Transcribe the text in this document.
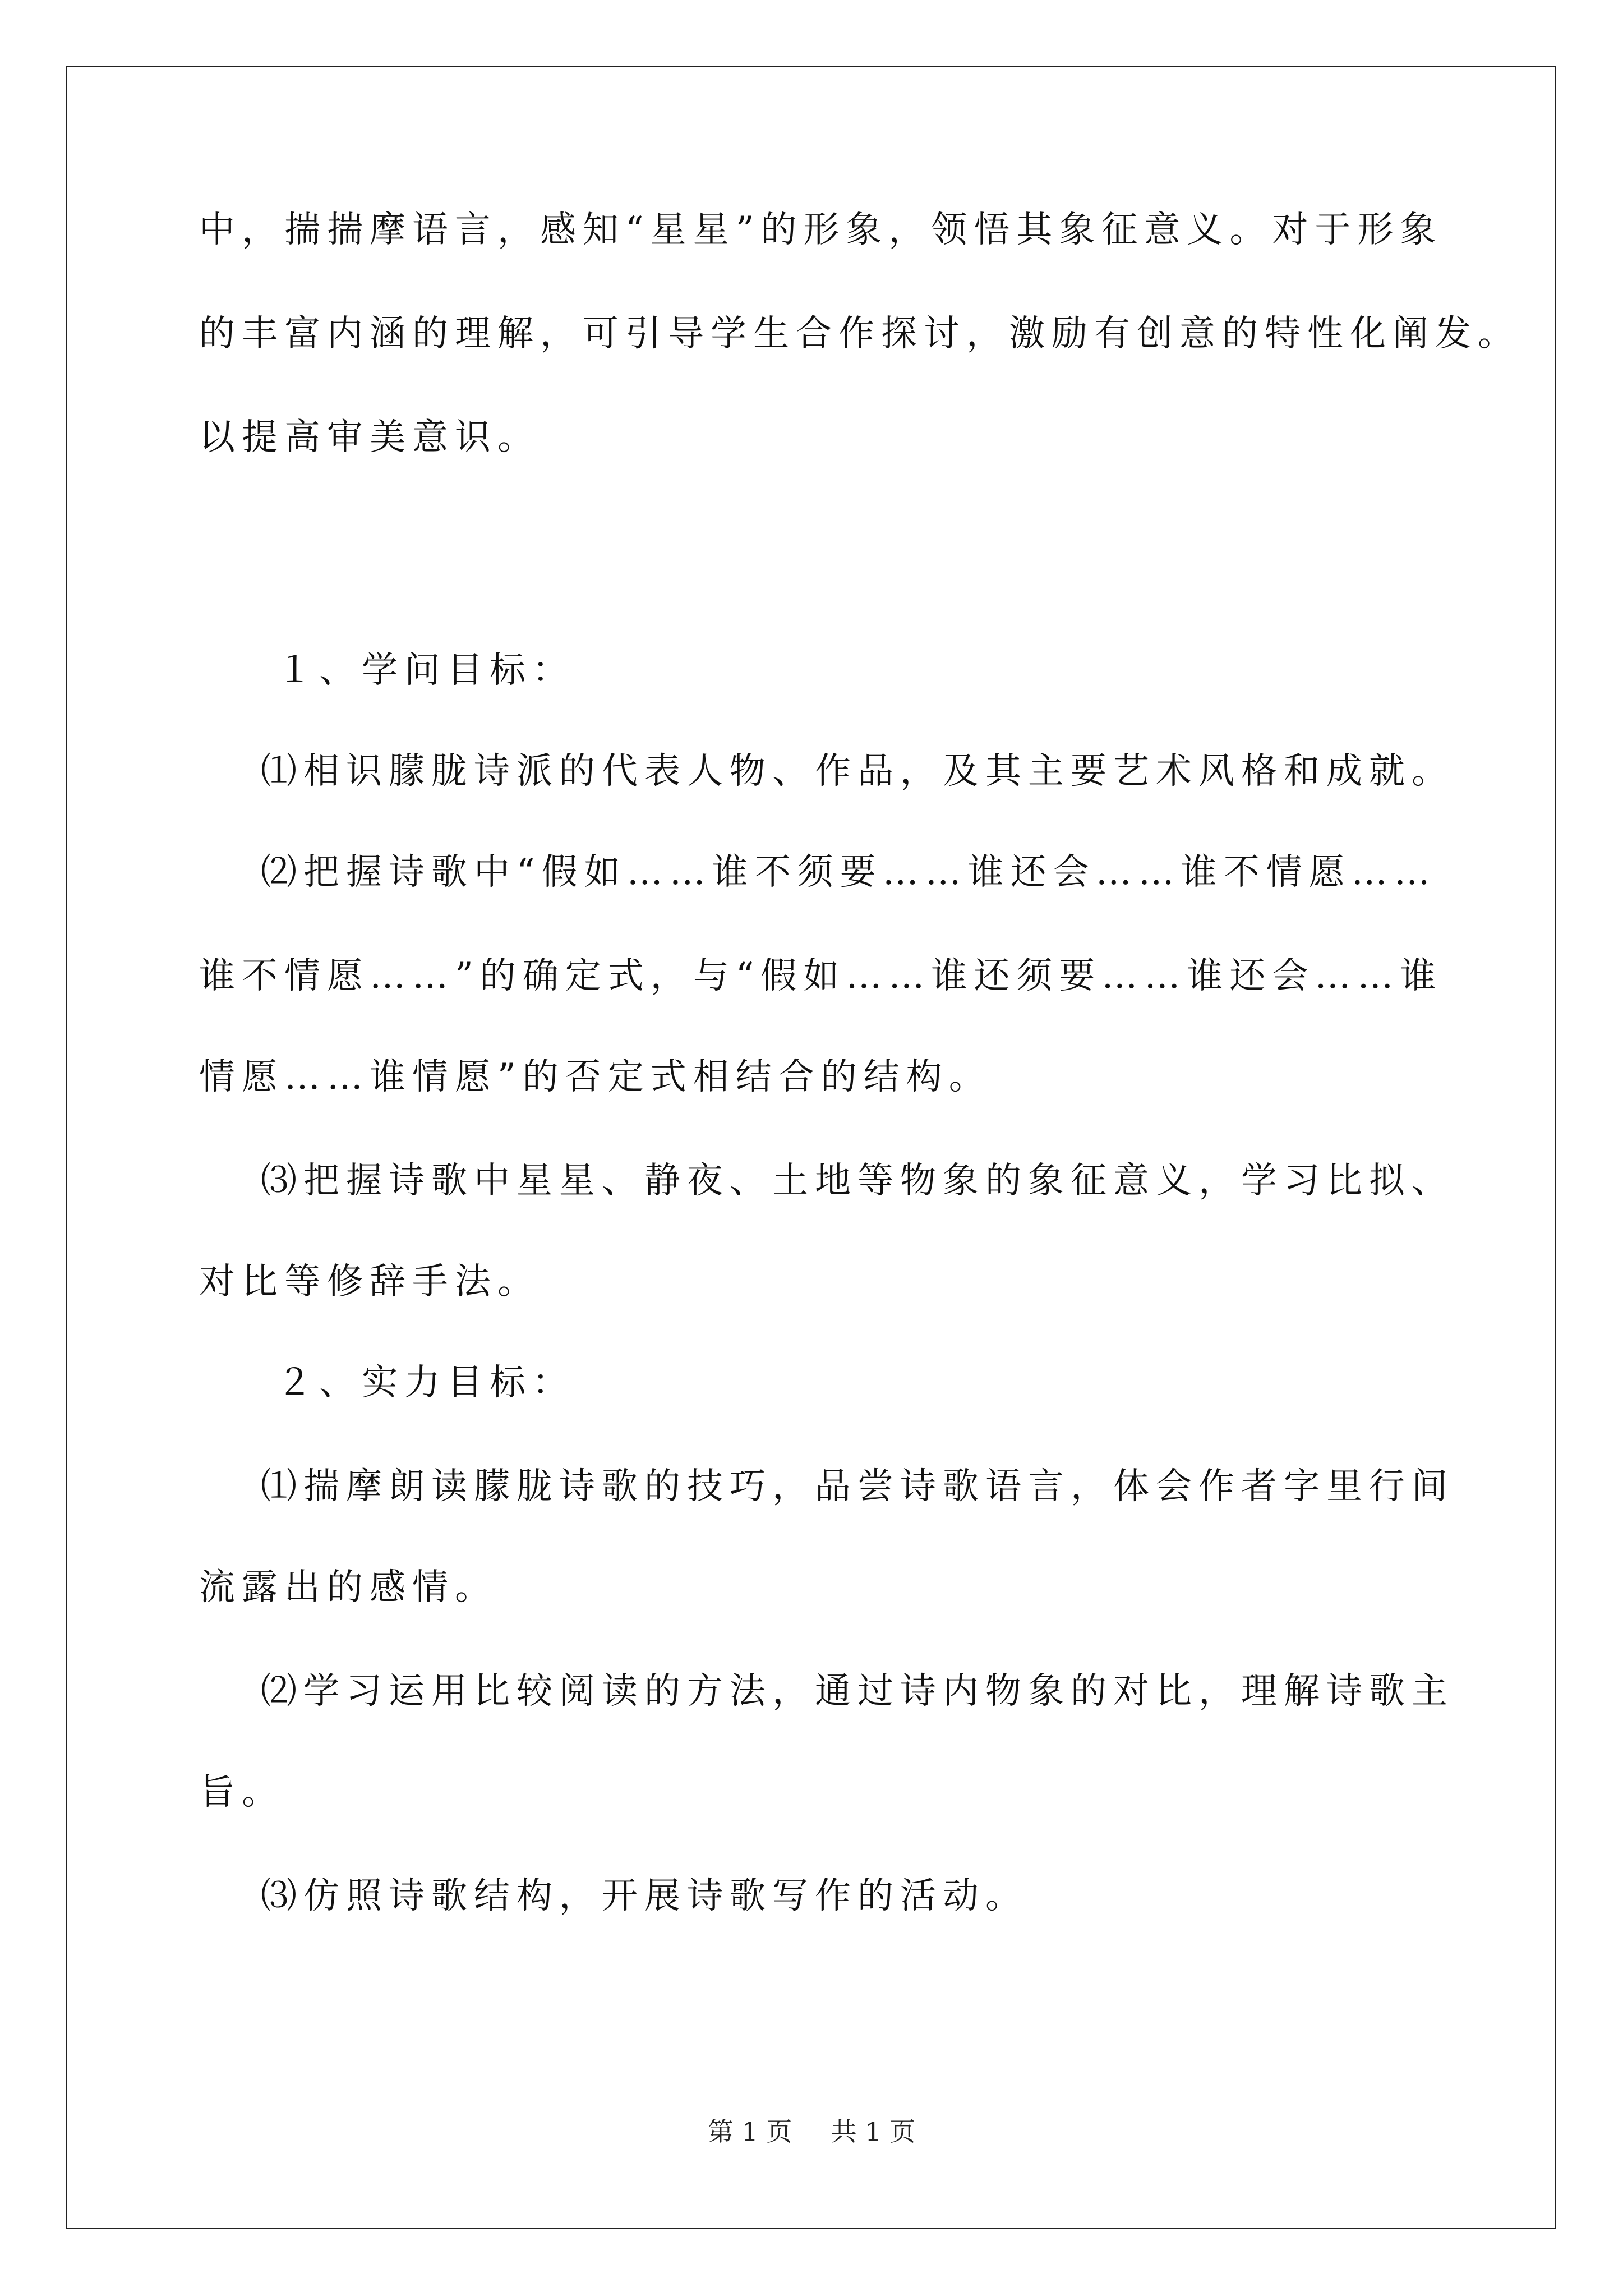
中，揣揣摩语言，感知“星星”的形象，领悟其象征意义。对于形象
的丰富内涵的理解，可引导学生合作探讨，激励有创意的特性化阐发。
以提高审美意识。
１、学问目标：
⑴相识朦胧诗派的代表人物、作品，及其主要艺术风格和成就。
⑵把握诗歌中“假如……谁不须要……谁还会……谁不情愿……
谁不情愿……”的确定式，与“假如……谁还须要……谁还会……谁
情愿……谁情愿”的否定式相结合的结构。
⑶把握诗歌中星星、静夜、土地等物象的象征意义，学习比拟、
对比等修辞手法。
２、实力目标：
⑴揣摩朗读朦胧诗歌的技巧，品尝诗歌语言，体会作者字里行间
流露出的感情。
⑵学习运用比较阅读的方法，通过诗内物象的对比，理解诗歌主
旨。
⑶仿照诗歌结构，开展诗歌写作的活动。
第 1 页 共 1 页
